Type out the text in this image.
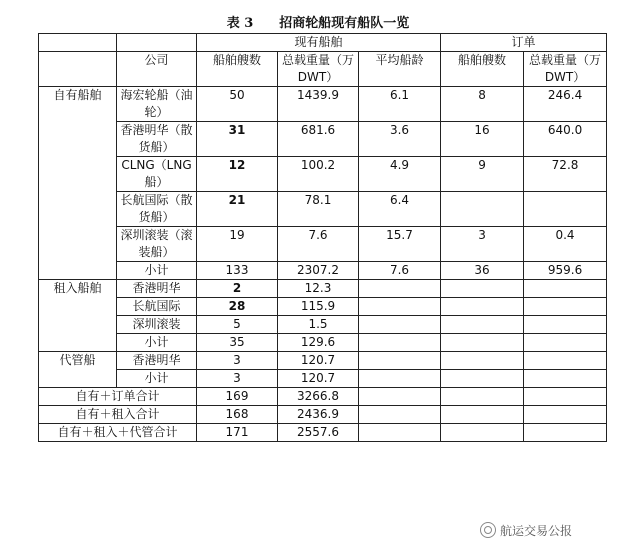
表 3 招商轮船现有船队一览
		现有船舶			订单	
	公司	船舶艘数	总载重量（万 DWT）	平均船龄	船舶艘数	总载重量（万 DWT）
自有船舶	海宏轮船（油轮）	50	1439.9	6.1	8	246.4
	香港明华（散货船）	31	681.6	3.6	16	640.0
	CLNG（LNG 船）	12	100.2	4.9	9	72.8
	长航国际（散货船）	21	78.1	6.4		
	深圳滚装（滚装船）	19	7.6	15.7	3	0.4
	小计	133	2307.2	7.6	36	959.6
租入船舶	香港明华	2	12.3			
	长航国际	28	115.9			
	深圳滚装	5	1.5			
	小计	35	129.6			
代管船	香港明华	3	120.7			
	小计	3	120.7			
自有＋订单合计		169	3266.8			
自有＋租入合计		168	2436.9			
自有＋租入＋代管合计		171	2557.6			
航运交易公报
